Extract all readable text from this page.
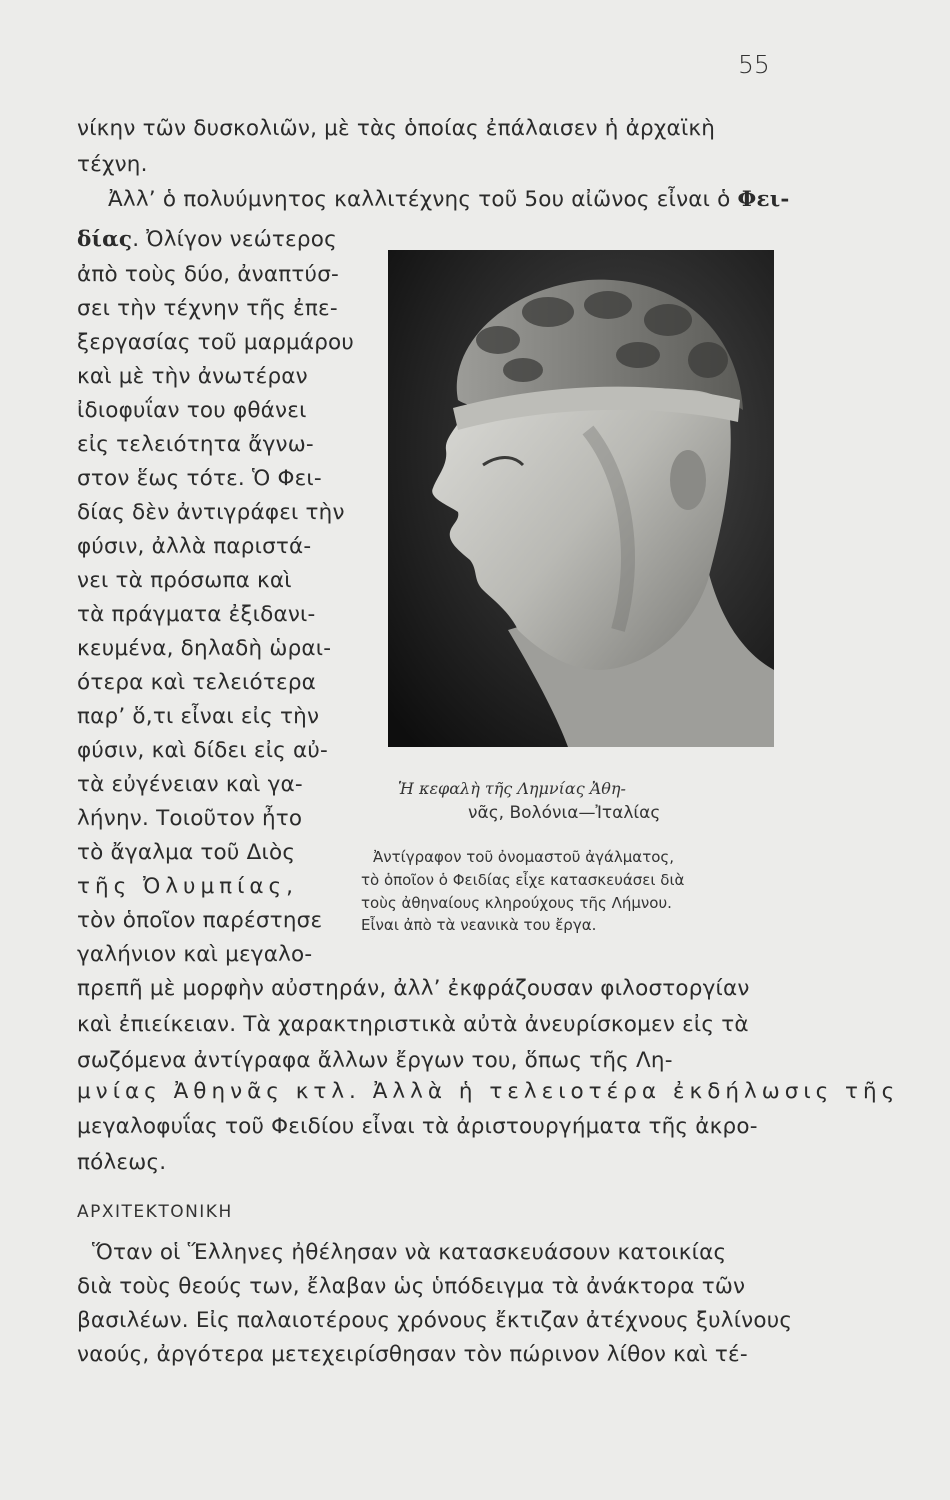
55
νίκην τῶν δυσκολιῶν, μὲ τὰς ὁποίας ἐπάλαισεν ἡ ἀρχαϊκὴ
τέχνη.
Ἀλλ’ ὁ πολυύμνητος καλλιτέχνης τοῦ 5ου αἰῶνος εἶναι ὁ Φει-
δίας. Ὀλίγον νεώτερος
ἀπὸ τοὺς δύο, ἀναπτύσ-
σει τὴν τέχνην τῆς ἐπε-
ξεργασίας τοῦ μαρμάρου
καὶ μὲ τὴν ἀνωτέραν
ἰδιοφυΐαν του φθάνει
εἰς τελειότητα ἄγνω-
στον ἕως τότε. Ὁ Φει-
δίας δὲν ἀντιγράφει τὴν
φύσιν, ἀλλὰ παριστά-
νει τὰ πρόσωπα καὶ
τὰ πράγματα ἐξιδανι-
κευμένα, δηλαδὴ ὡραι-
ότερα καὶ τελειότερα
παρ’ ὅ,τι εἶναι εἰς τὴν
φύσιν, καὶ δίδει εἰς αὐ-
τὰ εὐγένειαν καὶ γα-
λήνην. Τοιοῦτον ἦτο
τὸ ἄγαλμα τοῦ Διὸς
τῆς Ὀλυμπίας,
τὸν ὁποῖον παρέστησε
γαλήνιον καὶ μεγαλο-
Ἡ κεφαλὴ τῆς Λημνίας Ἀθη-
νᾶς, Βολόνια—Ἰταλίας
Ἀντίγραφον τοῦ ὀνομαστοῦ ἀγάλματος,
τὸ ὁποῖον ὁ Φειδίας εἶχε κατασκευάσει διὰ
τοὺς ἀθηναίους κληρούχους τῆς Λήμνου.
Εἶναι ἀπὸ τὰ νεανικὰ του ἔργα.
πρεπῆ μὲ μορφὴν αὐστηράν, ἀλλ’ ἐκφράζουσαν φιλοστοργίαν
καὶ ἐπιείκειαν. Τὰ χαρακτηριστικὰ αὐτὰ ἀνευρίσκομεν εἰς τὰ
σωζόμενα ἀντίγραφα ἄλλων ἔργων του, ὅπως τῆς Λη-
μνίας Ἀθηνᾶς κτλ. Ἀλλὰ ἡ τελειοτέρα ἐκδήλωσις τῆς
μεγαλοφυΐας τοῦ Φειδίου εἶναι τὰ ἀριστουργήματα τῆς ἀκρο-
πόλεως.
ΑΡΧΙΤΕΚΤΟΝΙΚΗ
Ὅταν οἱ Ἕλληνες ἠθέλησαν νὰ κατασκευάσουν κατοικίας
διὰ τοὺς θεούς των, ἔλαβαν ὡς ὑπόδειγμα τὰ ἀνάκτορα τῶν
βασιλέων. Εἰς παλαιοτέρους χρόνους ἔκτιζαν ἀτέχνους ξυλίνους
ναούς, ἀργότερα μετεχειρίσθησαν τὸν πώρινον λίθον καὶ τέ-
